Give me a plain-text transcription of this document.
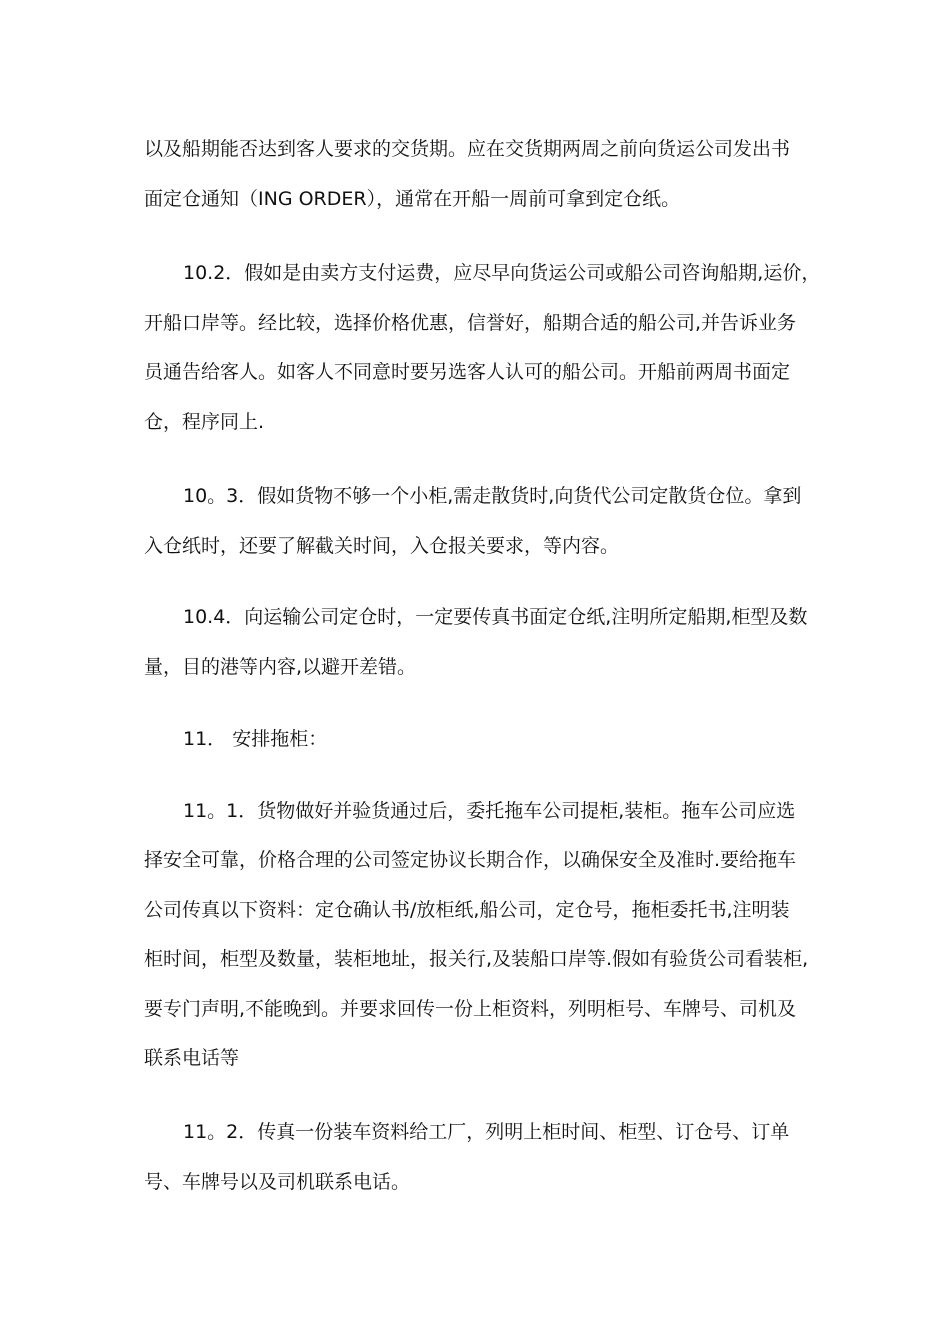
以及船期能否达到客人要求的交货期。应在交货期两周之前向货运公司发出书
面定仓通知（ING ORDER），通常在开船一周前可拿到定仓纸。
10.2．假如是由卖方支付运费，应尽早向货运公司或船公司咨询船期,运价，
开船口岸等。经比较，选择价格优惠，信誉好，船期合适的船公司,并告诉业务
员通告给客人。如客人不同意时要另选客人认可的船公司。开船前两周书面定
仓，程序同上.
10。3．假如货物不够一个小柜,需走散货时,向货代公司定散货仓位。拿到
入仓纸时，还要了解截关时间，入仓报关要求，等内容。
10.4．向运输公司定仓时，一定要传真书面定仓纸,注明所定船期,柜型及数
量，目的港等内容,以避开差错。
11． 安排拖柜：
11。1．货物做好并验货通过后，委托拖车公司提柜,装柜。拖车公司应选
择安全可靠，价格合理的公司签定协议长期合作，以确保安全及准时.要给拖车
公司传真以下资料：定仓确认书/放柜纸,船公司，定仓号，拖柜委托书,注明装
柜时间，柜型及数量，装柜地址，报关行,及装船口岸等.假如有验货公司看装柜,
要专门声明,不能晚到。并要求回传一份上柜资料，列明柜号、车牌号、司机及
联系电话等
11。2．传真一份装车资料给工厂，列明上柜时间、柜型、订仓号、订单
号、车牌号以及司机联系电话。
